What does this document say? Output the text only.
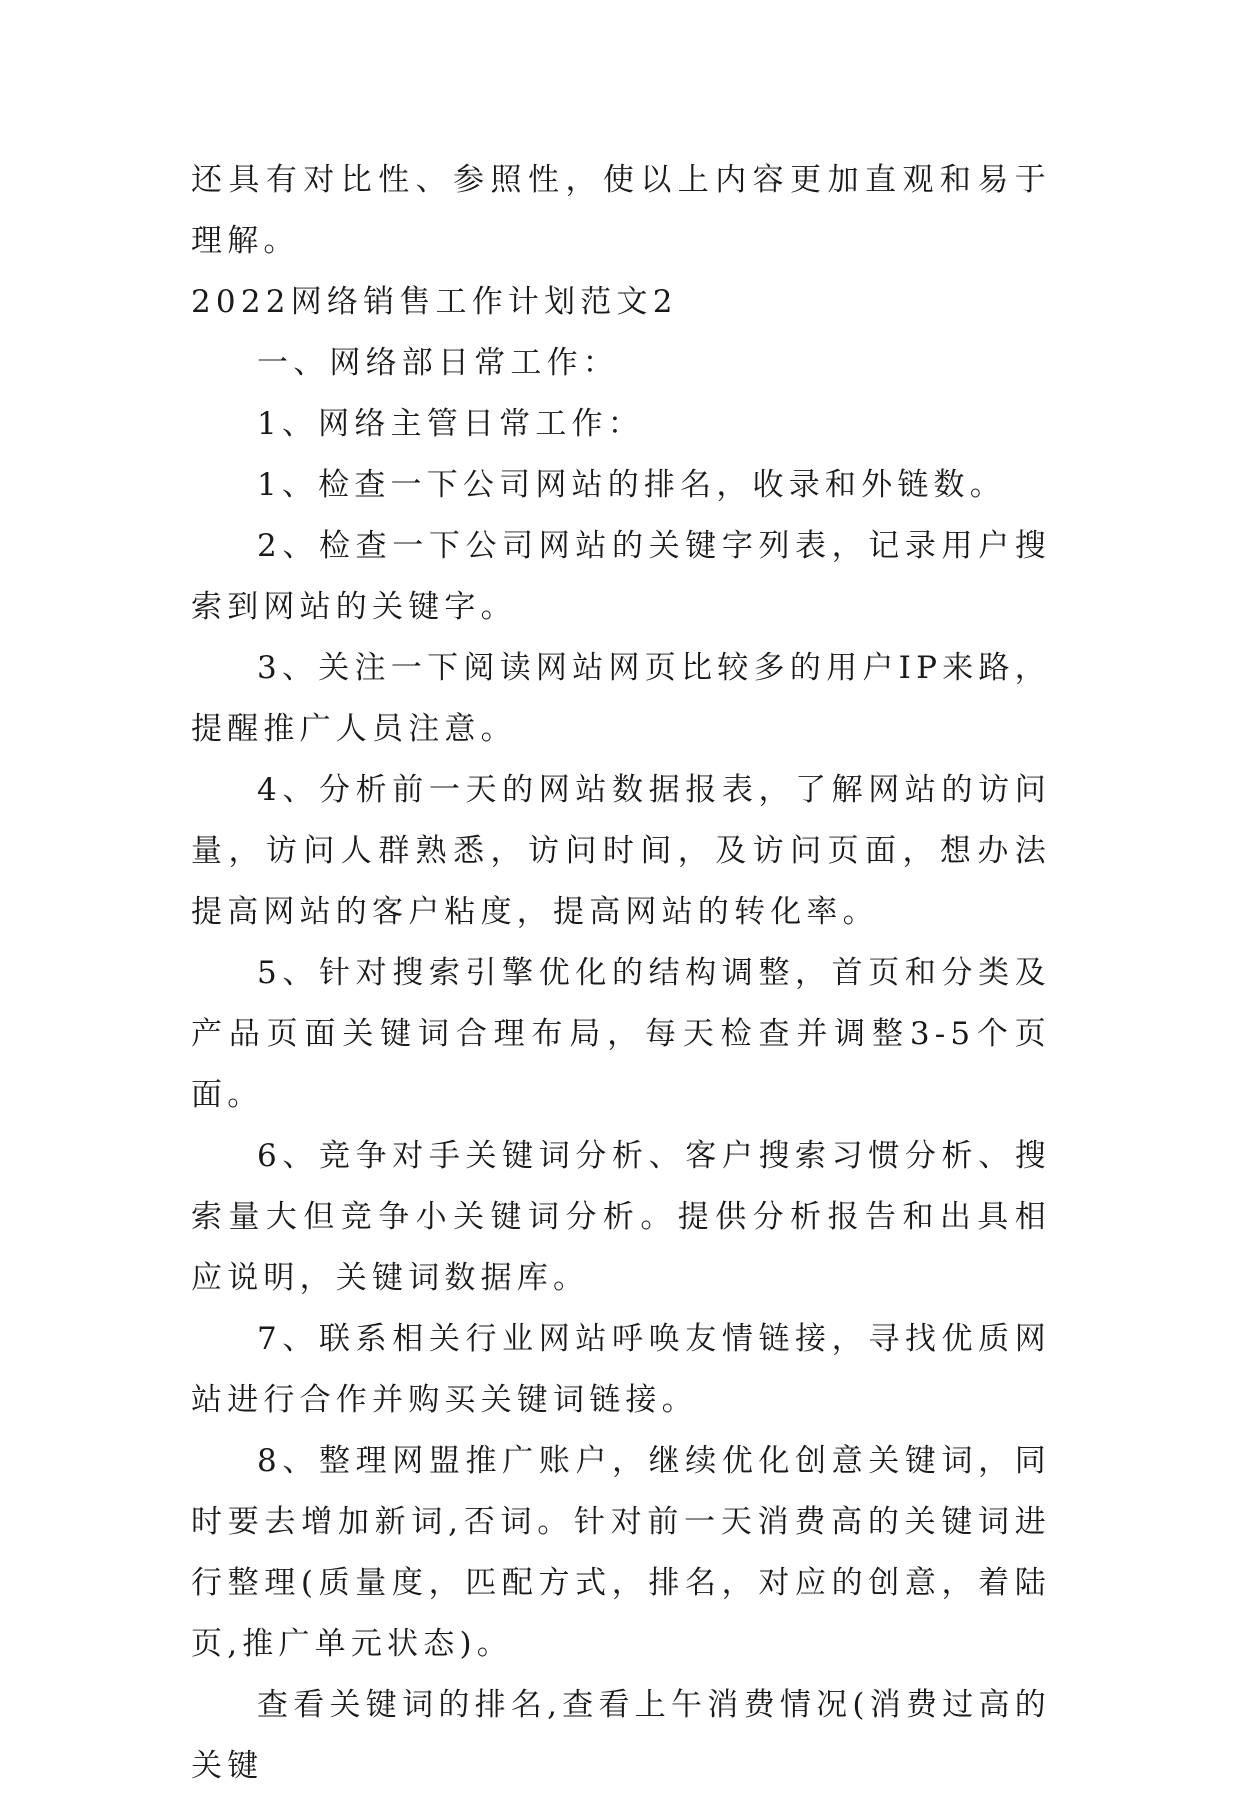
还具有对比性、参照性，使以上内容更加直观和易于理解。

2022网络销售工作计划范文2

一、网络部日常工作：

1、网络主管日常工作：

1、检查一下公司网站的排名，收录和外链数。

2、检查一下公司网站的关键字列表，记录用户搜索到网站的关键字。

3、关注一下阅读网站网页比较多的用户IP来路，提醒推广人员注意。

4、分析前一天的网站数据报表，了解网站的访问量，访问人群熟悉，访问时间，及访问页面，想办法提高网站的客户粘度，提高网站的转化率。

5、针对搜索引擎优化的结构调整，首页和分类及产品页面关键词合理布局，每天检查并调整3-5个页面。

6、竞争对手关键词分析、客户搜索习惯分析、搜索量大但竞争小关键词分析。提供分析报告和出具相应说明，关键词数据库。

7、联系相关行业网站呼唤友情链接，寻找优质网站进行合作并购买关键词链接。

8、整理网盟推广账户，继续优化创意关键词，同时要去增加新词,否词。针对前一天消费高的关键词进行整理(质量度，匹配方式，排名，对应的创意，着陆页,推广单元状态)。

查看关键词的排名,查看上午消费情况(消费过高的关键
